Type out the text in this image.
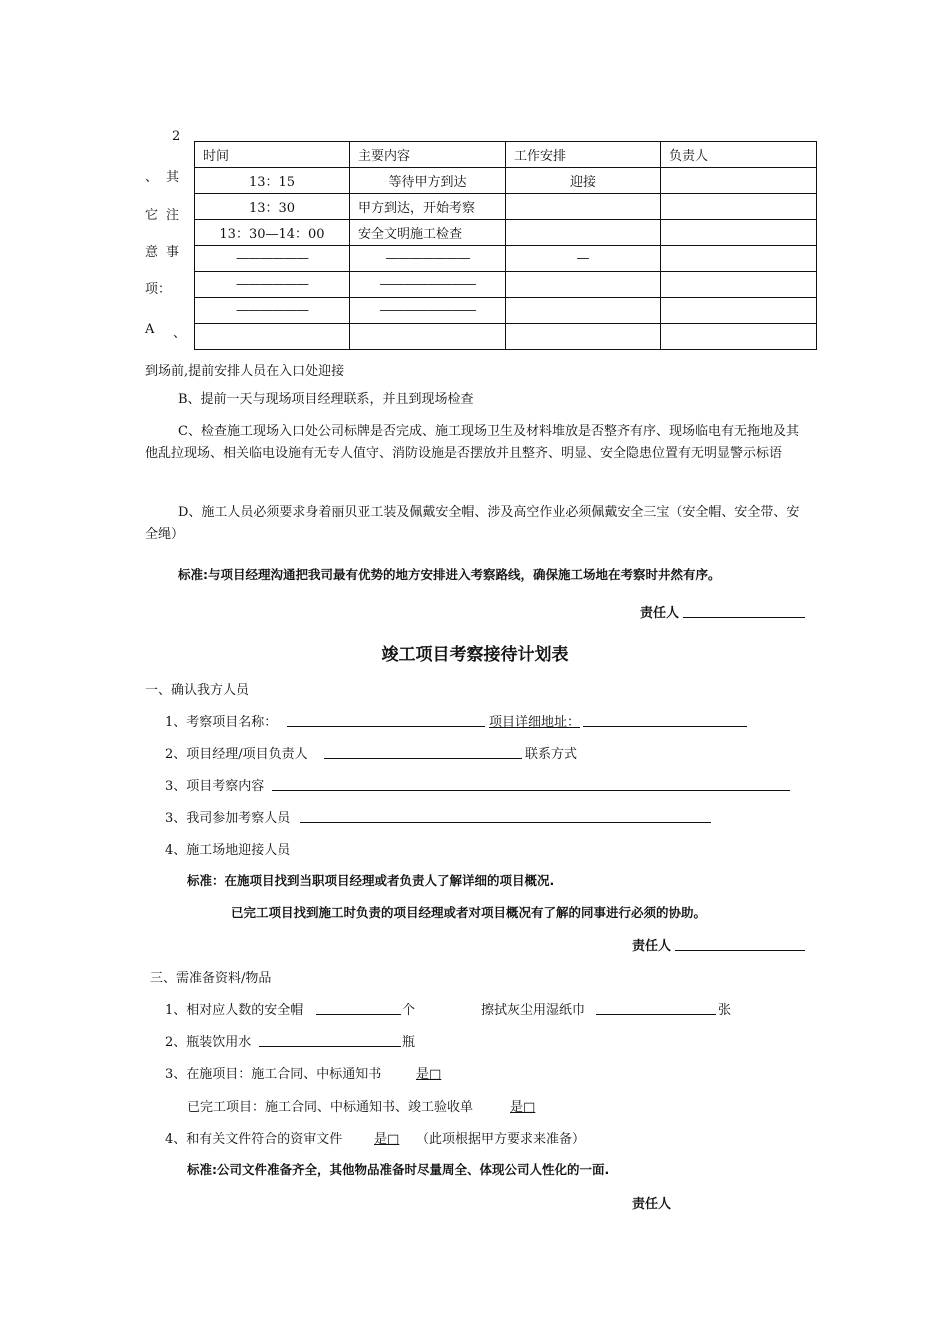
2
、 其
它 注
意 事
项：
A 、
时间	主要内容	工作安排	负责人
13：15	等待甲方到达	迎接	
13：30	甲方到达，开始考察		
13：30—14：00	安全文明施工检查		
——————	———————	—	
——————	————————		
——————	————————		

到场前,提前安排人员在入口处迎接
B、提前一天与现场项目经理联系，并且到现场检查
C、检查施工现场入口处公司标牌是否完成、施工现场卫生及材料堆放是否整齐有序、现场临电有无拖地及其他乱拉现场、相关临电设施有无专人值守、消防设施是否摆放并且整齐、明显、安全隐患位置有无明显警示标语
D、施工人员必须要求身着丽贝亚工装及佩戴安全帽、涉及高空作业必须佩戴安全三宝（安全帽、安全带、安全绳）
标准:与项目经理沟通把我司最有优势的地方安排进入考察路线，确保施工场地在考察时井然有序。
责任人
竣工项目考察接待计划表
一、确认我方人员
1、考察项目名称：	项目详细地址：
2、项目经理/项目负责人	联系方式
3、项目考察内容
3、我司参加考察人员
4、施工场地迎接人员
标准：在施项目找到当职项目经理或者负责人了解详细的项目概况.
已完工项目找到施工时负责的项目经理或者对项目概况有了解的同事进行必须的协助。
责任人
三、需准备资料/物品
1、相对应人数的安全帽	个	擦拭灰尘用湿纸巾	张
2、瓶装饮用水	瓶
3、在施项目：施工合同、中标通知书	是□
已完工项目：施工合同、中标通知书、竣工验收单	是□
4、和有关文件符合的资审文件 是□ （此项根据甲方要求来准备）
标准:公司文件准备齐全，其他物品准备时尽量周全、体现公司人性化的一面.
责任人
